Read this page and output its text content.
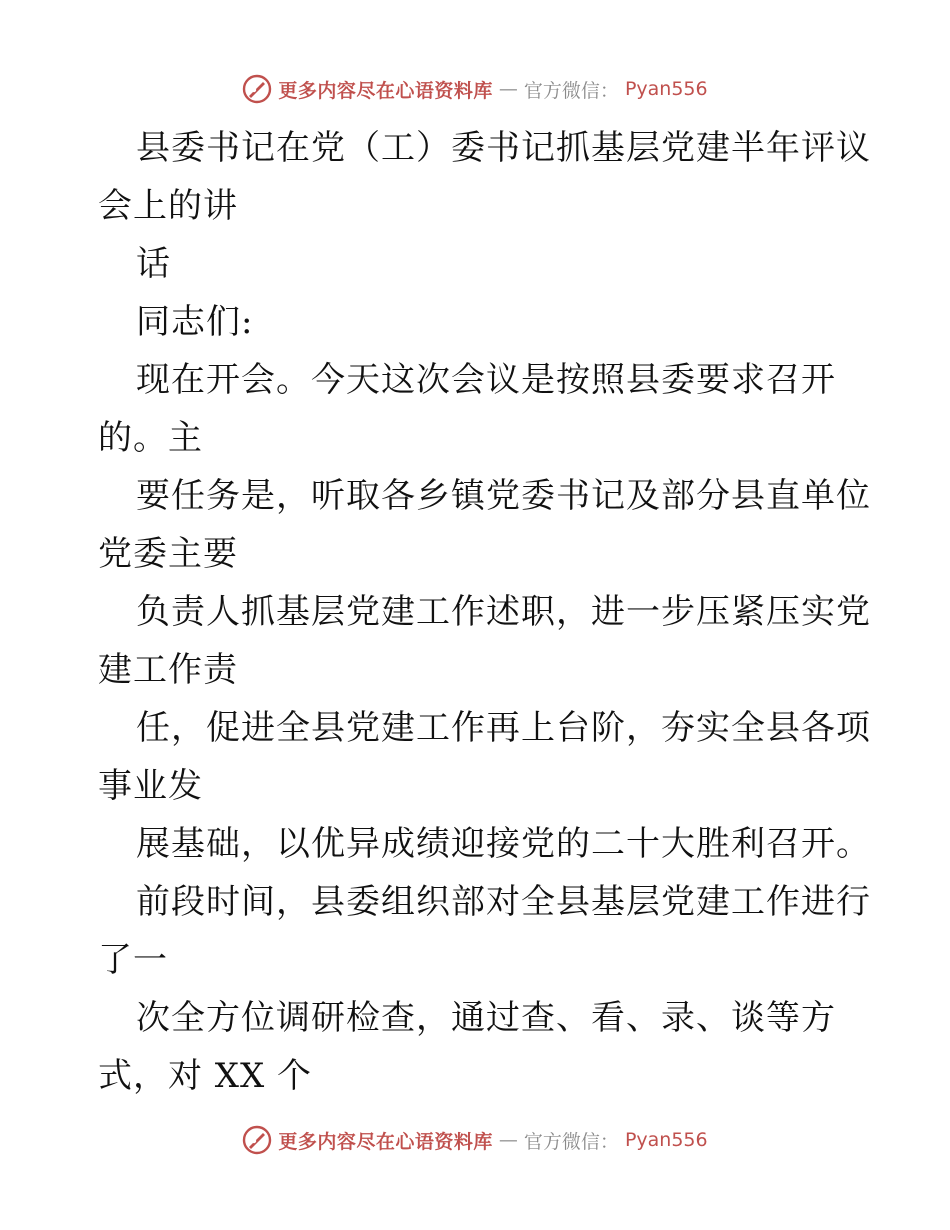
更多内容尽在心语资料库 — 官方微信： Pyan556
县委书记在党（工）委书记抓基层党建半年评议
会上的讲
话
同志们:
现在开会。今天这次会议是按照县委要求召开
的。主
要任务是，听取各乡镇党委书记及部分县直单位
党委主要
负责人抓基层党建工作述职，进一步压紧压实党
建工作责
任，促进全县党建工作再上台阶，夯实全县各项
事业发
展基础，以优异成绩迎接党的二十大胜利召开。
前段时间，县委组织部对全县基层党建工作进行
了一
次全方位调研检查，通过查、看、录、谈等方
式，对 XX 个
更多内容尽在心语资料库 — 官方微信： Pyan556
